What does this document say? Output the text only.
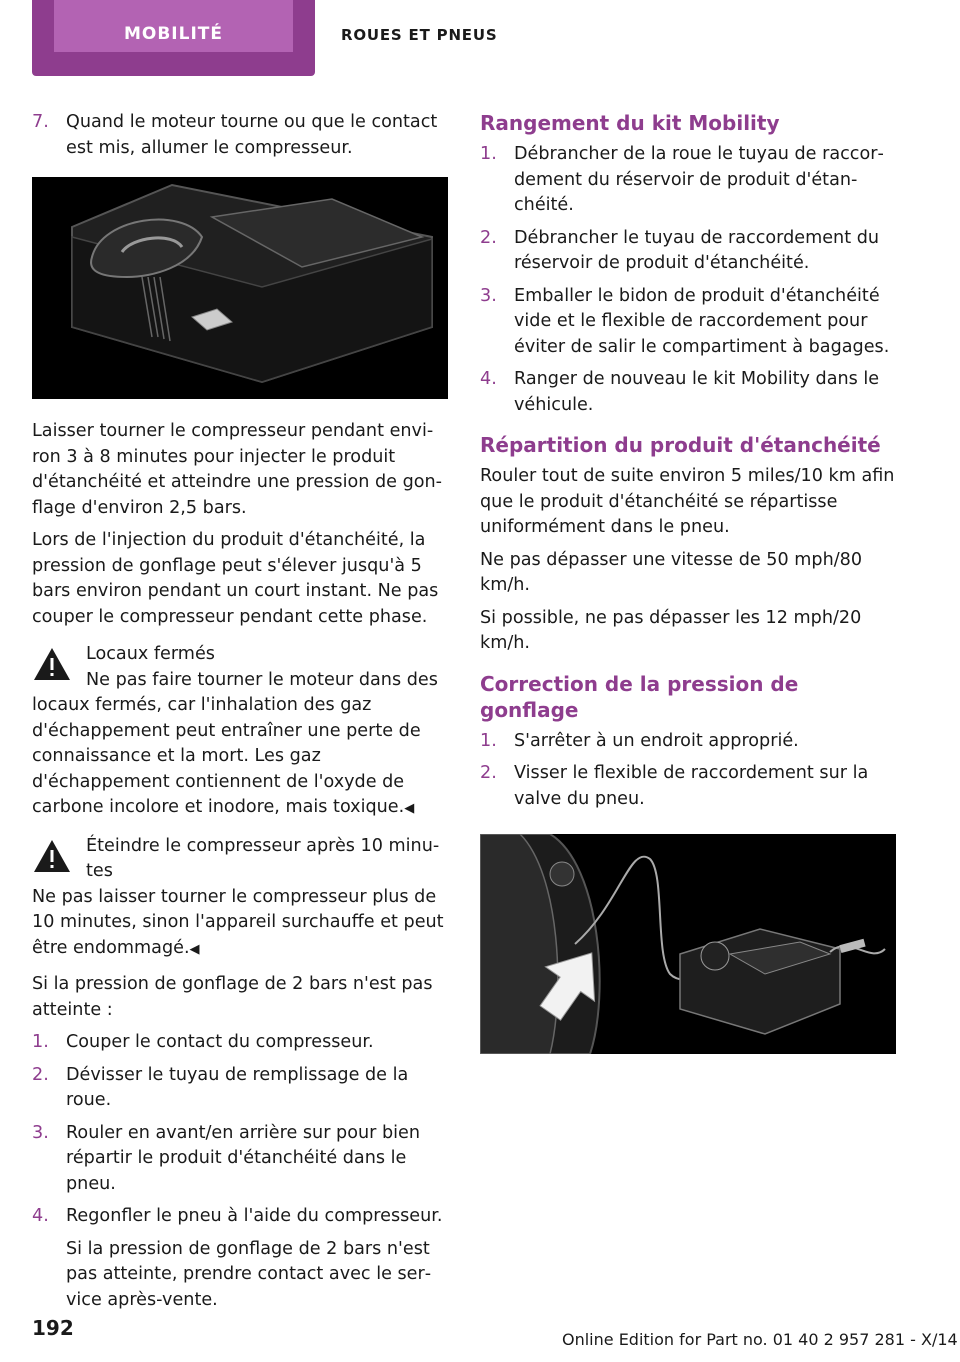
MOBILITÉ	ROUES ET PNEUS
7. Quand le moteur tourne ou que le contact est mis, allumer le compresseur.

Laisser tourner le compresseur pendant environ 3 à 8 minutes pour injecter le produit d'étanchéité et atteindre une pression de gonflage d'environ 2,5 bars.

Lors de l'injection du produit d'étanchéité, la pression de gonflage peut s'élever jusqu'à 5 bars environ pendant un court instant. Ne pas couper le compresseur pendant cette phase.

Locaux fermés
Ne pas faire tourner le moteur dans des
locaux fermés, car l'inhalation des gaz d'échappement peut entraîner une perte de connaissance et la mort. Les gaz d'échappement contiennent de l'oxyde de carbone incolore et inodore, mais toxique.◀
Éteindre le compresseur après 10 minutes
Ne pas laisser tourner le compresseur plus de 10 minutes, sinon l'appareil surchauffe et peut être endommagé.◀

Si la pression de gonflage de 2 bars n'est pas atteinte :

1. Couper le contact du compresseur.
2. Dévisser le tuyau de remplissage de la roue.
3. Rouler en avant/en arrière sur pour bien répartir le produit d'étanchéité dans le pneu.
4. Regonfler le pneu à l'aide du compresseur.
Si la pression de gonflage de 2 bars n'est pas atteinte, prendre contact avec le service après-vente.
Rangement du kit Mobility
1. Débrancher de la roue le tuyau de raccordement du réservoir de produit d'étanchéité.
2. Débrancher le tuyau de raccordement du réservoir de produit d'étanchéité.
3. Emballer le bidon de produit d'étanchéité vide et le flexible de raccordement pour éviter de salir le compartiment à bagages.
4. Ranger de nouveau le kit Mobility dans le véhicule.
Répartition du produit d'étanchéité

Rouler tout de suite environ 5 miles/10 km afin que le produit d'étanchéité se répartisse uniformément dans le pneu.

Ne pas dépasser une vitesse de 50 mph/80 km/h.

Si possible, ne pas dépasser les 12 mph/20 km/h.

Correction de la pression de gonflage
1. S'arrêter à un endroit approprié.
2. Visser le flexible de raccordement sur la valve du pneu.
192	Online Edition for Part no. 01 40 2 957 281 - X/14
